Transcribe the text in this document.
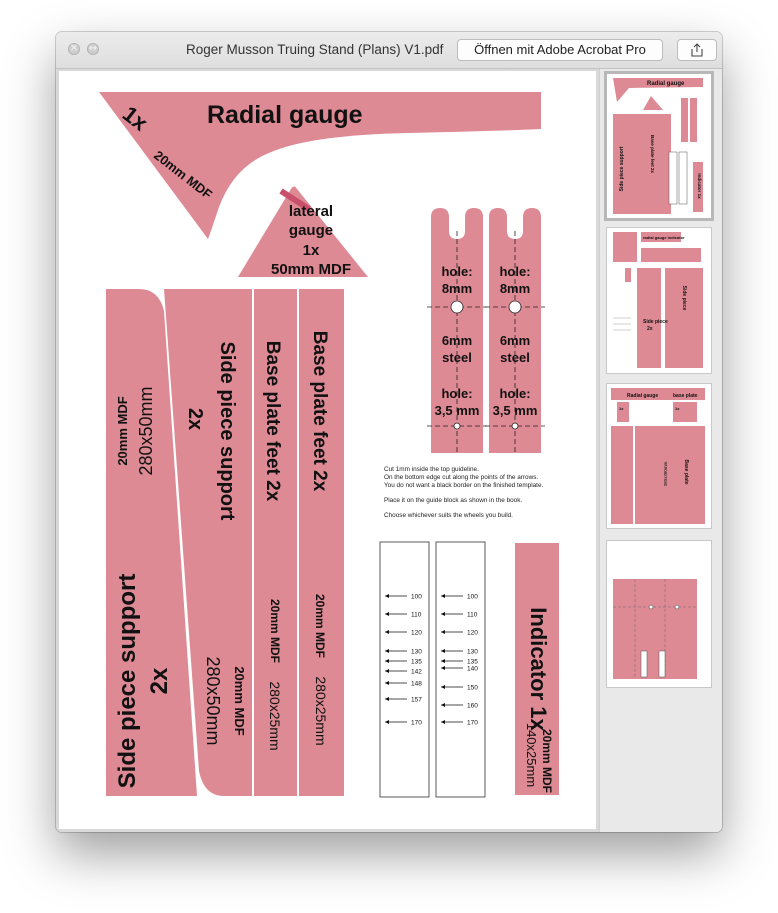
✕ ↔	Roger Musson Truing Stand (Plans) V1.pdf	Öffnen mit Adobe Acrobat Pro
Radial gauge
1x
20mm MDF
lateral
gauge
1x
50mm MDF	hole:
8mm
6mm
steel
hole:
3,5 mm
hole:
8mm
6mm
steel
hole:
3,5 mm
20mm MDF 280x50mm
Side piece support 2x
Side piece support
2x
20mm MDF
280x50mm
Base plate feet 2x
20mm MDF
280x25mm
Base plate feet 2x
20mm MDF
280x25mm
Cut 1mm inside the top guideline.
On the bottom edge cut along the points of the arrows.
You do not want a black border on the finished template.
Place it on the guide block as shown in the book.
Choose whichever suits the wheels you build.
100
110
120
130
135
142
148
157
170
100
110
120
130
135
140
150
160
170 Indicator 1x
20mm MDF
140x25mm
Radial gauge
Side piece support	Base plate feet 2x
Indicator 1x
radial gauge indicator
Side piece
2x
Side piece
Radial gauge	base plate
1x	1x
Base plate
380x380mm
